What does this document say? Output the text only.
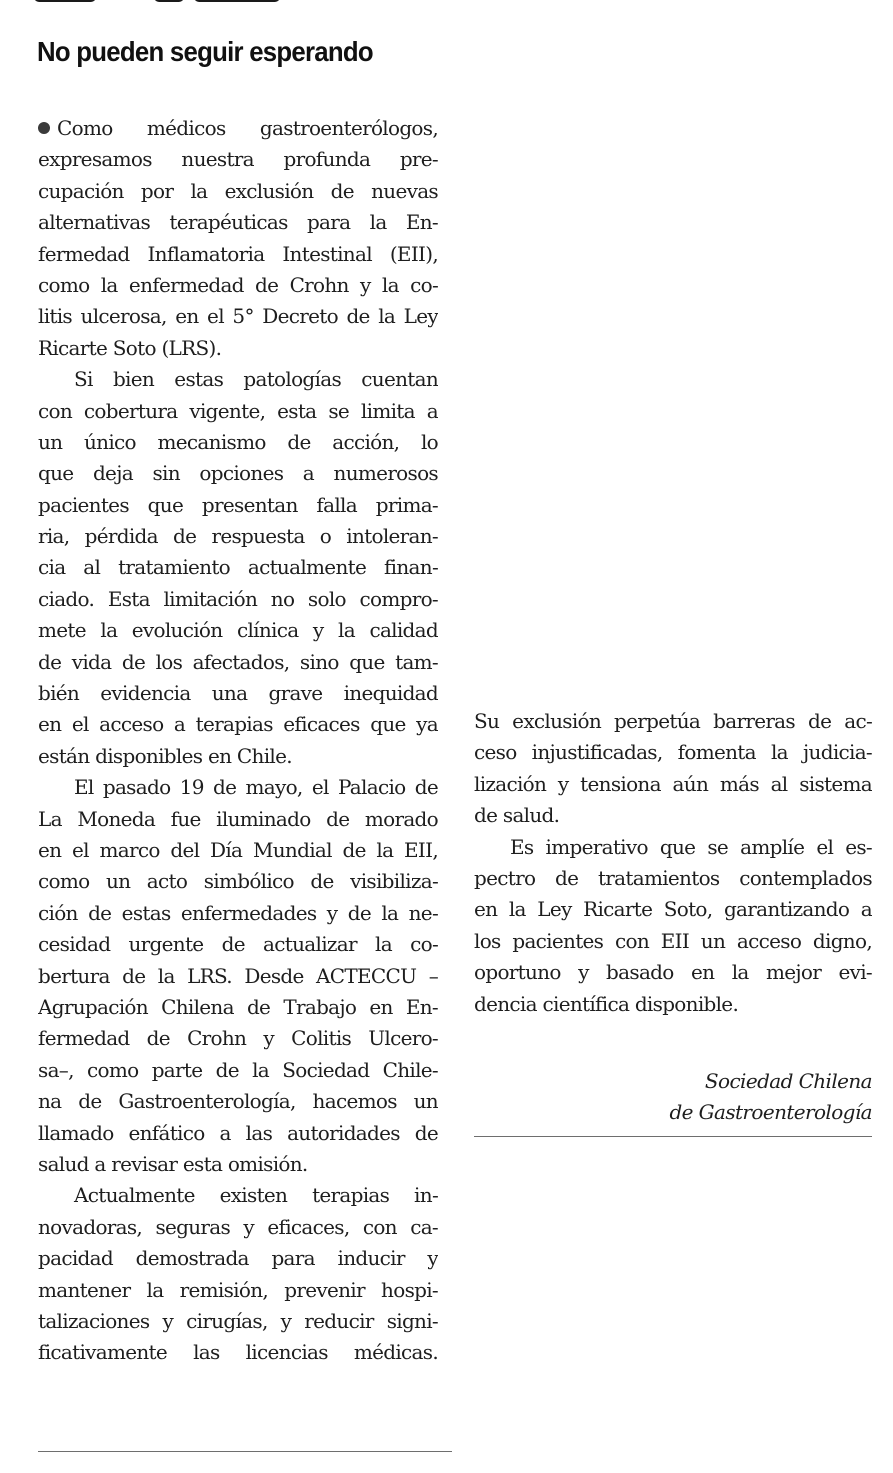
No pueden seguir esperando
Como médicos gastroenterólogos,
expresamos nuestra profunda pre-
cupación por la exclusión de nuevas
alternativas terapéuticas para la En-
fermedad Inflamatoria Intestinal (EII),
como la enfermedad de Crohn y la co-
litis ulcerosa, en el 5° Decreto de la Ley
Ricarte Soto (LRS).
Si bien estas patologías cuentan
con cobertura vigente, esta se limita a
un único mecanismo de acción, lo
que deja sin opciones a numerosos
pacientes que presentan falla prima-
ria, pérdida de respuesta o intoleran-
cia al tratamiento actualmente finan-
ciado. Esta limitación no solo compro-
mete la evolución clínica y la calidad
de vida de los afectados, sino que tam-
bién evidencia una grave inequidad
en el acceso a terapias eficaces que ya
están disponibles en Chile.
El pasado 19 de mayo, el Palacio de
La Moneda fue iluminado de morado
en el marco del Día Mundial de la EII,
como un acto simbólico de visibiliza-
ción de estas enfermedades y de la ne-
cesidad urgente de actualizar la co-
bertura de la LRS. Desde ACTECCU –
Agrupación Chilena de Trabajo en En-
fermedad de Crohn y Colitis Ulcero-
sa–, como parte de la Sociedad Chile-
na de Gastroenterología, hacemos un
llamado enfático a las autoridades de
salud a revisar esta omisión.
Actualmente existen terapias in-
novadoras, seguras y eficaces, con ca-
pacidad demostrada para inducir y
mantener la remisión, prevenir hospi-
talizaciones y cirugías, y reducir signi-
ficativamente las licencias médicas.
Su exclusión perpetúa barreras de ac-
ceso injustificadas, fomenta la judicia-
lización y tensiona aún más al sistema
de salud.
Es imperativo que se amplíe el es-
pectro de tratamientos contemplados
en la Ley Ricarte Soto, garantizando a
los pacientes con EII un acceso digno,
oportuno y basado en la mejor evi-
dencia científica disponible.
Sociedad Chilena
de Gastroenterología
